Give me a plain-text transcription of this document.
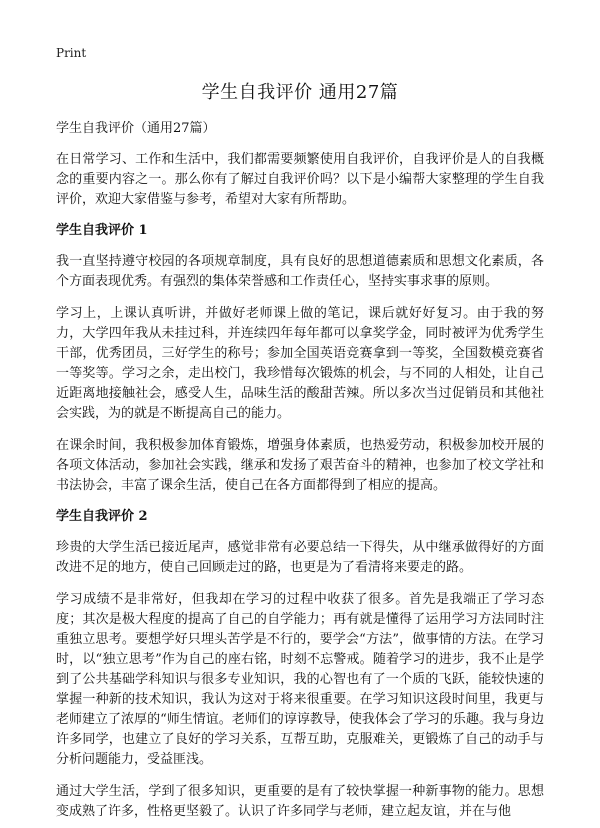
Print
学生自我评价 通用27篇
学生自我评价（通用27篇）

在日常学习、工作和生活中，我们都需要频繁使用自我评价，自我评价是人的自我概念的重要内容之一。那么你有了解过自我评价吗？以下是小编帮大家整理的学生自我评价，欢迎大家借鉴与参考，希望对大家有所帮助。

学生自我评价 1

我一直坚持遵守校园的各项规章制度，具有良好的思想道德素质和思想文化素质，各个方面表现优秀。有强烈的集体荣誉感和工作责任心，坚持实事求事的原则。

学习上，上课认真听讲，并做好老师课上做的笔记，课后就好好复习。由于我的努力，大学四年我从未挂过科，并连续四年每年都可以拿奖学金，同时被评为优秀学生干部，优秀团员，三好学生的称号；参加全国英语竞赛拿到一等奖，全国数模竞赛省一等奖等。学习之余，走出校门，我珍惜每次锻炼的机会，与不同的人相处，让自己近距离地接触社会，感受人生，品味生活的酸甜苦辣。所以多次当过促销员和其他社会实践，为的就是不断提高自己的能力。

在课余时间，我积极参加体育锻炼，增强身体素质，也热爱劳动，积极参加校开展的各项文体活动，参加社会实践，继承和发扬了艰苦奋斗的精神，也参加了校文学社和书法协会，丰富了课余生活，使自己在各方面都得到了相应的提高。

学生自我评价 2

珍贵的大学生活已接近尾声，感觉非常有必要总结一下得失，从中继承做得好的方面改进不足的地方，使自己回顾走过的路，也更是为了看清将来要走的路。

学习成绩不是非常好，但我却在学习的过程中收获了很多。首先是我端正了学习态度；其次是极大程度的提高了自己的自学能力；再有就是懂得了运用学习方法同时注重独立思考。要想学好只埋头苦学是不行的，要学会“方法”，做事情的方法。在学习时，以“独立思考”作为自己的座右铭，时刻不忘警戒。随着学习的进步，我不止是学到了公共基础学科知识与很多专业知识，我的心智也有了一个质的飞跃，能较快速的掌握一种新的技术知识，我认为这对于将来很重要。在学习知识这段时间里，我更与老师建立了浓厚的“师生情谊。老师们的谆谆教导，使我体会了学习的乐趣。我与身边许多同学，也建立了良好的学习关系，互帮互助，克服难关，更锻炼了自己的动手与分析问题能力，受益匪浅。

通过大学生活，学到了很多知识，更重要的是有了较快掌握一种新事物的能力。思想变成熟了许多，性格更坚毅了。认识了许多同学与老师，建立起友谊，并在与他
